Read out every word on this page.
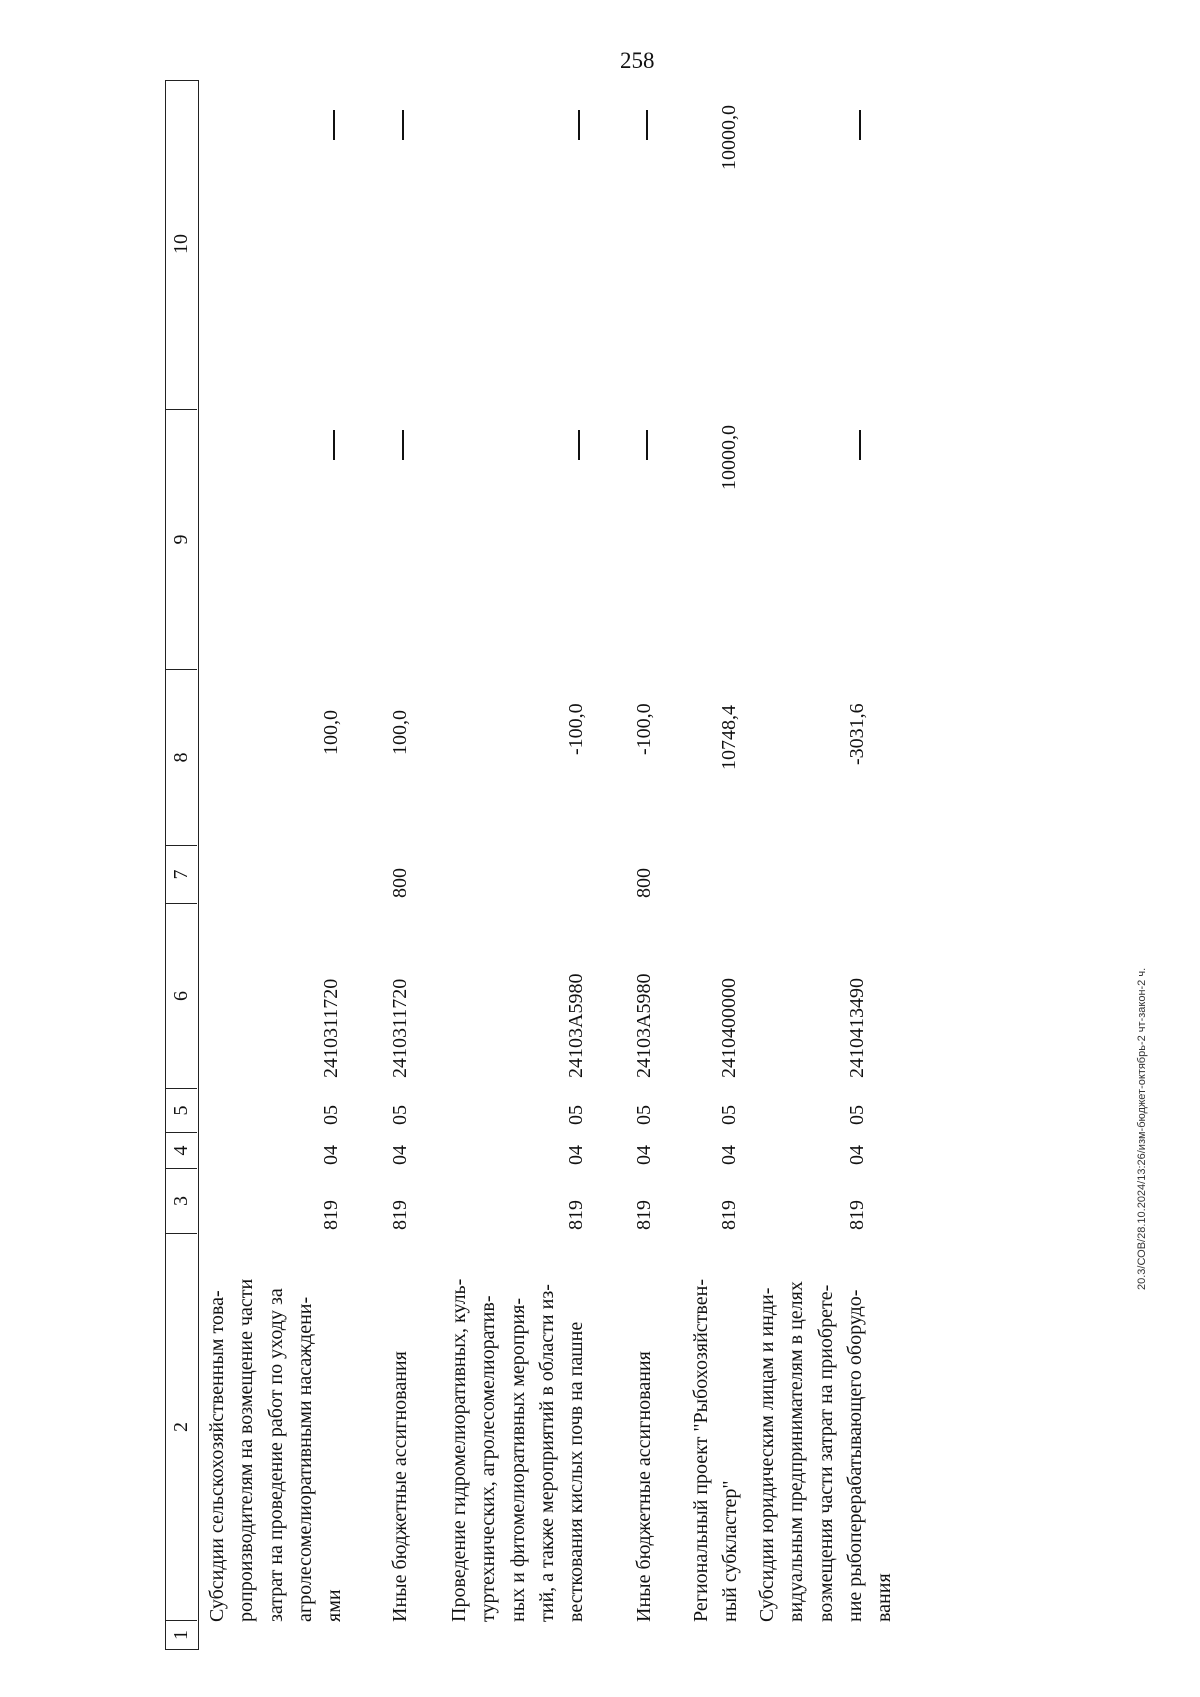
258
20.3/СОВ/28.10.2024/13:26/изм-бюджет-октябрь-2 чт-закон-2 ч.
1
2
3
4
5
6
7
8
9
10
Субсидии сельскохозяйственным това- ропроизводителям на возмещение части затрат на проведение работ по уходу за агролесомелиоративными насаждени- ями
819
04
05
2410311720
100,0
Иные бюджетные ассигнования
819
04
05
2410311720
800
100,0
Проведение гидромелиоративных, куль- туртехнических, агролесомелиоратив- ных и фитомелиоративных мероприя- тий, а также мероприятий в области из- весткования кислых почв на пашне
819
04
05
24103А5980
-100,0
Иные бюджетные ассигнования
819
04
05
24103А5980
800
-100,0
Региональный проект "Рыбохозяйствен- ный субкластер"
819
04
05
2410400000
10748,4
10000,0
10000,0
Субсидии юридическим лицам и инди- видуальным предпринимателям в целях возмещения части затрат на приобрете- ние рыбоперерабатывающего оборудо- вания
819
04
05
2410413490
-3031,6
